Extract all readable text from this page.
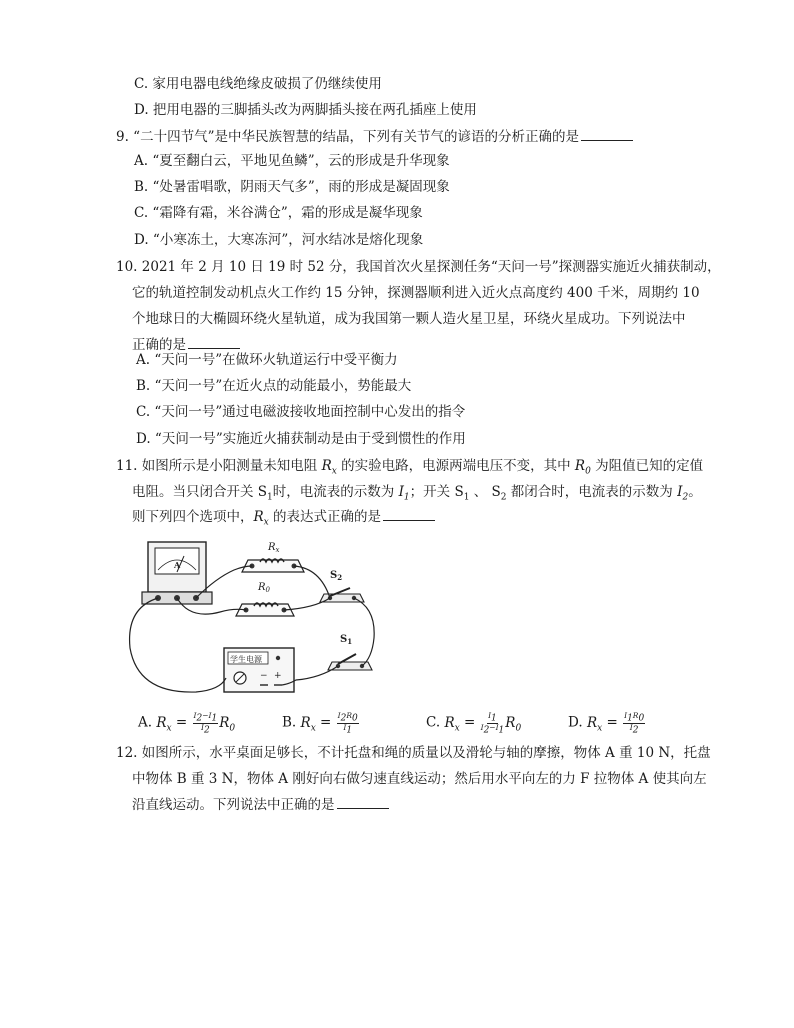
C. 家用电器电线绝缘皮破损了仍继续使用
D. 把用电器的三脚插头改为两脚插头接在两孔插座上使用
9. “二十四节气”是中华民族智慧的结晶，下列有关节气的谚语的分析正确的是
A. “夏至翻白云，平地见鱼鳞”，云的形成是升华现象
B. “处暑雷唱歌，阴雨天气多”，雨的形成是凝固现象
C. “霜降有霜，米谷满仓”，霜的形成是凝华现象
D. “小寒冻土，大寒冻河”，河水结冰是熔化现象
10. 2021 年 2 月 10 日 19 时 52 分，我国首次火星探测任务“天问一号”探测器实施近火捕获制动，
它的轨道控制发动机点火工作约 15 分钟，探测器顺利进入近火点高度约 400 千米，周期约 10
个地球日的大椭圆环绕火星轨道，成为我国第一颗人造火星卫星，环绕火星成功。下列说法中
正确的是
A. “天问一号”在做环火轨道运行中受平衡力
B. “天问一号”在近火点的动能最小，势能最大
C. “天问一号”通过电磁波接收地面控制中心发出的指令
D. “天问一号”实施近火捕获制动是由于受到惯性的作用
11. 如图所示是小阳测量未知电阻 $R_x$ 的实验电路，电源两端电压不变，其中 $R_0$ 为阻值已知的定值
电阻。当只闭合开关 $S_1$时，电流表的示数为 $I_1$；开关 $S_1$ 、 $S_2$ 都闭合时，电流表的示数为 $I_2$。
则下列四个选项中，$R_x$ 的表达式正确的是
A
$R_x$
$R_0$
$S_2$
$S_1$
学生电源
− +
A. $R_x = \frac{I_2-I_1}{I_2} R_0$	B. $R_x = \frac{I_2R_0}{I_1}$	C. $R_x = \frac{I_1}{I_2-I_1} R_0$	D. $R_x = \frac{I_1R_0}{I_2}$
12. 如图所示，水平桌面足够长，不计托盘和绳的质量以及滑轮与轴的摩擦，物体 A 重 10 N，托盘
中物体 B 重 3 N，物体 A 刚好向右做匀速直线运动；然后用水平向左的力 F 拉物体 A 使其向左
沿直线运动。下列说法中正确的是
